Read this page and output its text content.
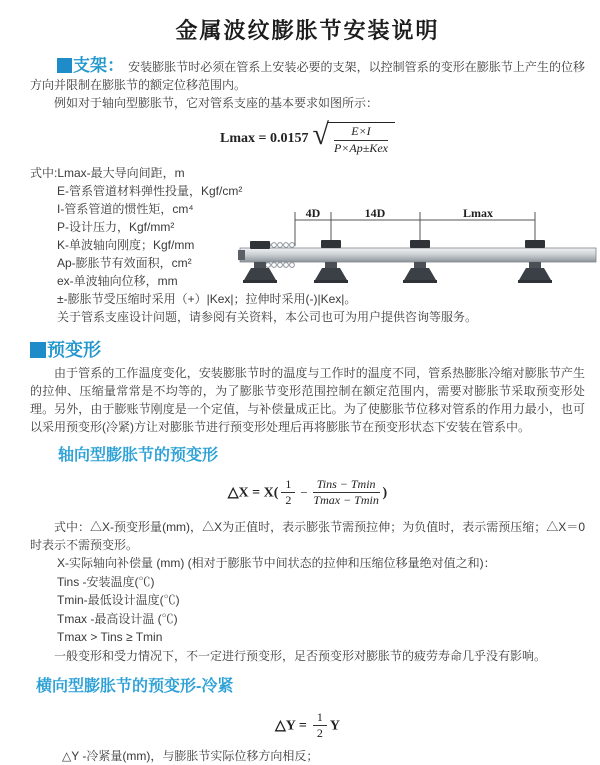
金属波纹膨胀节安装说明

支架： 安装膨胀节时必须在管系上安装必要的支架，以控制管系的变形在膨胀节上产生的位移方向并限制在膨胀节的额定位移范围内。

例如对于轴向型膨胀节，它对管系支座的基本要求如图所示：

Lmax = 0.0157 √ $\frac{E\times I}{\text{P×Ap±Kex}}$
式中:Lmax-最大导向间距，m
E-管系管道材料弹性投量，Kgf/cm²
I-管系管道的惯性矩，cm⁴
P-设计压力，Kgf/mm²
K-单波轴向刚度；Kgf/mm
Ap-膨胀节有效面积，cm²
ex-单波轴向位移，mm
±-膨胀节受压缩时采用（+）|Kex|；拉伸时采用(-)|Kex|。
关于管系支座设计问题，请参阅有关资料，本公司也可为用户提供咨询等服务。
4D	14D	Lmax
预变形

由于管系的工作温度变化，安装膨胀节时的温度与工作时的温度不同，管系热膨胀冷缩对膨胀节产生的拉伸、压缩量常常是不均等的，为了膨胀节变形范围控制在额定范围内，需要对膨胀节采取预变形处理。另外，由于膨账节刚度是一个定值，与补偿量成正比。为了使膨胀节位移对管系的作用力最小，也可以采用预变形(冷紧)方让对膨胀节进行预变形处理后再将膨胀节在预变形状态下安装在管系中。

轴向型膨胀节的预变形
△X = $X( \frac{1}{2} - \frac{\text{Tins − Tmin}}{Tmax - Tmin}$ )

式中：△X-预变形量(mm)，△X为正值时，表示膨张节需预拉伸；为负值时，表示需预压缩；△X＝0时表示不需预变形。

X-实际轴向补偿量 (mm) (相对于膨胀节中间状态的拉伸和压缩位移量绝对值之和)：
Tins -安装温度(℃)
Tmin-最低设计温度(℃)
Tmax -最高设计温 (℃)
Tmax > Tins ≥ Tmin

一般变形和受力情况下，不一定进行预变形，足否预变形对膨胀节的疲劳寿命几乎没有影响。

横向型膨胀节的预变形-冷紧
△Y = $\frac{1}{2}$ Y

△Y -冷紧量(mm)，与膨胀节实际位移方向相反；
